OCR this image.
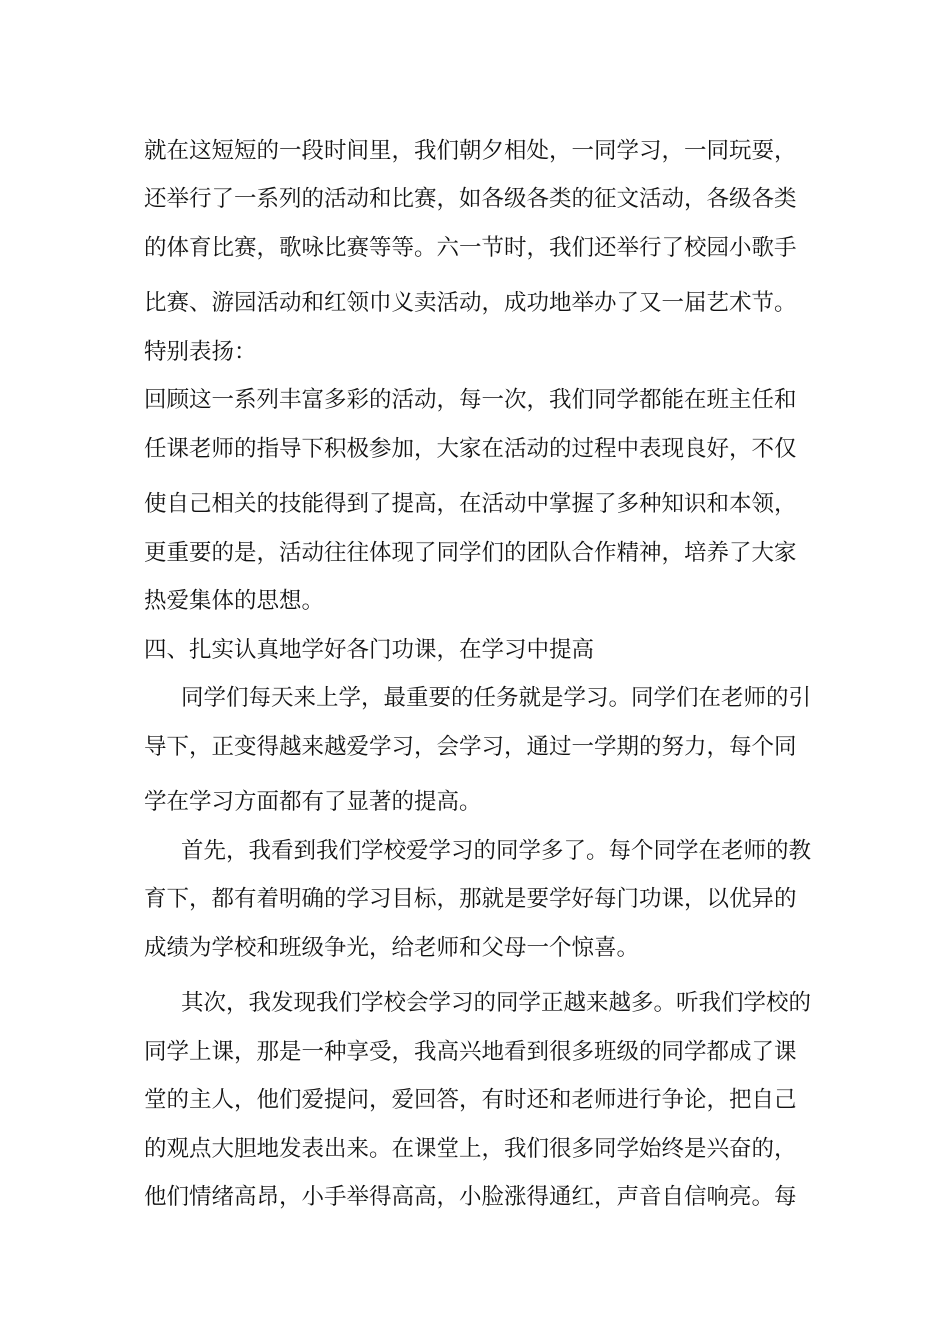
就在这短短的一段时间里，我们朝夕相处，一同学习，一同玩耍，

还举行了一系列的活动和比赛，如各级各类的征文活动，各级各类

的体育比赛，歌咏比赛等等。六一节时，我们还举行了校园小歌手

比赛、游园活动和红领巾义卖活动，成功地举办了又一届艺术节。

特别表扬：

回顾这一系列丰富多彩的活动，每一次，我们同学都能在班主任和

任课老师的指导下积极参加，大家在活动的过程中表现良好，不仅

使自己相关的技能得到了提高，在活动中掌握了多种知识和本领，

更重要的是，活动往往体现了同学们的团队合作精神，培养了大家

热爱集体的思想。

四、扎实认真地学好各门功课，在学习中提高

同学们每天来上学，最重要的任务就是学习。同学们在老师的引

导下，正变得越来越爱学习，会学习，通过一学期的努力，每个同

学在学习方面都有了显著的提高。

首先，我看到我们学校爱学习的同学多了。每个同学在老师的教

育下，都有着明确的学习目标，那就是要学好每门功课，以优异的

成绩为学校和班级争光，给老师和父母一个惊喜。

其次，我发现我们学校会学习的同学正越来越多。听我们学校的

同学上课，那是一种享受，我高兴地看到很多班级的同学都成了课

堂的主人，他们爱提问，爱回答，有时还和老师进行争论，把自己

的观点大胆地发表出来。在课堂上，我们很多同学始终是兴奋的，

他们情绪高昂，小手举得高高，小脸涨得通红，声音自信响亮。每
